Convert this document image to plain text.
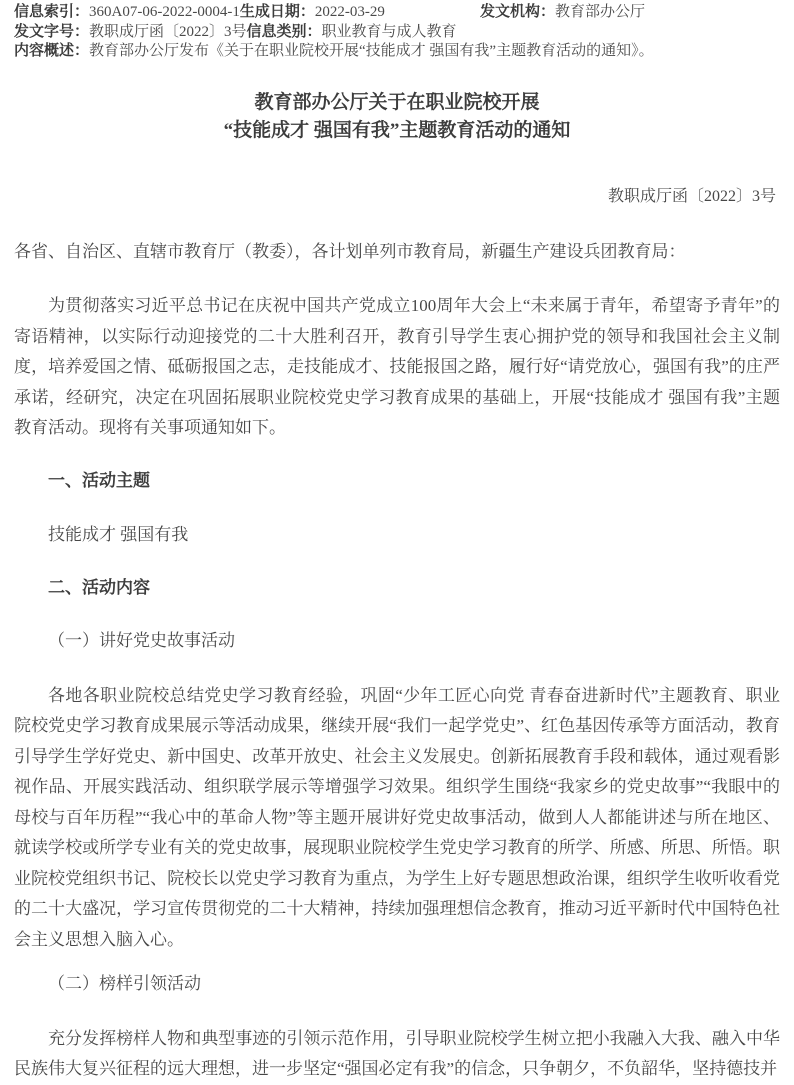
信息索引：360A07-06-2022-0004-1生成日期：2022-03-29	发文机构：教育部办公厅
发文字号：教职成厅函〔2022〕3号信息类别：职业教育与成人教育
内容概述：教育部办公厅发布《关于在职业院校开展“技能成才 强国有我”主题教育活动的通知》。
教育部办公厅关于在职业院校开展
“技能成才 强国有我”主题教育活动的通知
教职成厅函〔2022〕3号

各省、自治区、直辖市教育厅（教委），各计划单列市教育局，新疆生产建设兵团教育局：

为贯彻落实习近平总书记在庆祝中国共产党成立100周年大会上“未来属于青年，希望寄予青年”的寄语精神，以实际行动迎接党的二十大胜利召开，教育引导学生衷心拥护党的领导和我国社会主义制度，培养爱国之情、砥砺报国之志，走技能成才、技能报国之路，履行好“请党放心，强国有我”的庄严承诺，经研究，决定在巩固拓展职业院校党史学习教育成果的基础上，开展“技能成才 强国有我”主题教育活动。现将有关事项通知如下。

一、活动主题

技能成才 强国有我

二、活动内容

（一）讲好党史故事活动

各地各职业院校总结党史学习教育经验，巩固“少年工匠心向党 青春奋进新时代”主题教育、职业院校党史学习教育成果展示等活动成果，继续开展“我们一起学党史”、红色基因传承等方面活动，教育引导学生学好党史、新中国史、改革开放史、社会主义发展史。创新拓展教育手段和载体，通过观看影视作品、开展实践活动、组织联学展示等增强学习效果。组织学生围绕“我家乡的党史故事”“我眼中的母校与百年历程”“我心中的革命人物”等主题开展讲好党史故事活动，做到人人都能讲述与所在地区、就读学校或所学专业有关的党史故事，展现职业院校学生党史学习教育的所学、所感、所思、所悟。职业院校党组织书记、院校长以党史学习教育为重点，为学生上好专题思想政治课，组织学生收听收看党的二十大盛况，学习宣传贯彻党的二十大精神，持续加强理想信念教育，推动习近平新时代中国特色社会主义思想入脑入心。

（二）榜样引领活动

充分发挥榜样人物和典型事迹的引领示范作用，引导职业院校学生树立把小我融入大我、融入中华民族伟大复兴征程的远大理想，进一步坚定“强国必定有我”的信念，只争朝夕，不负韶华，坚持德技并
